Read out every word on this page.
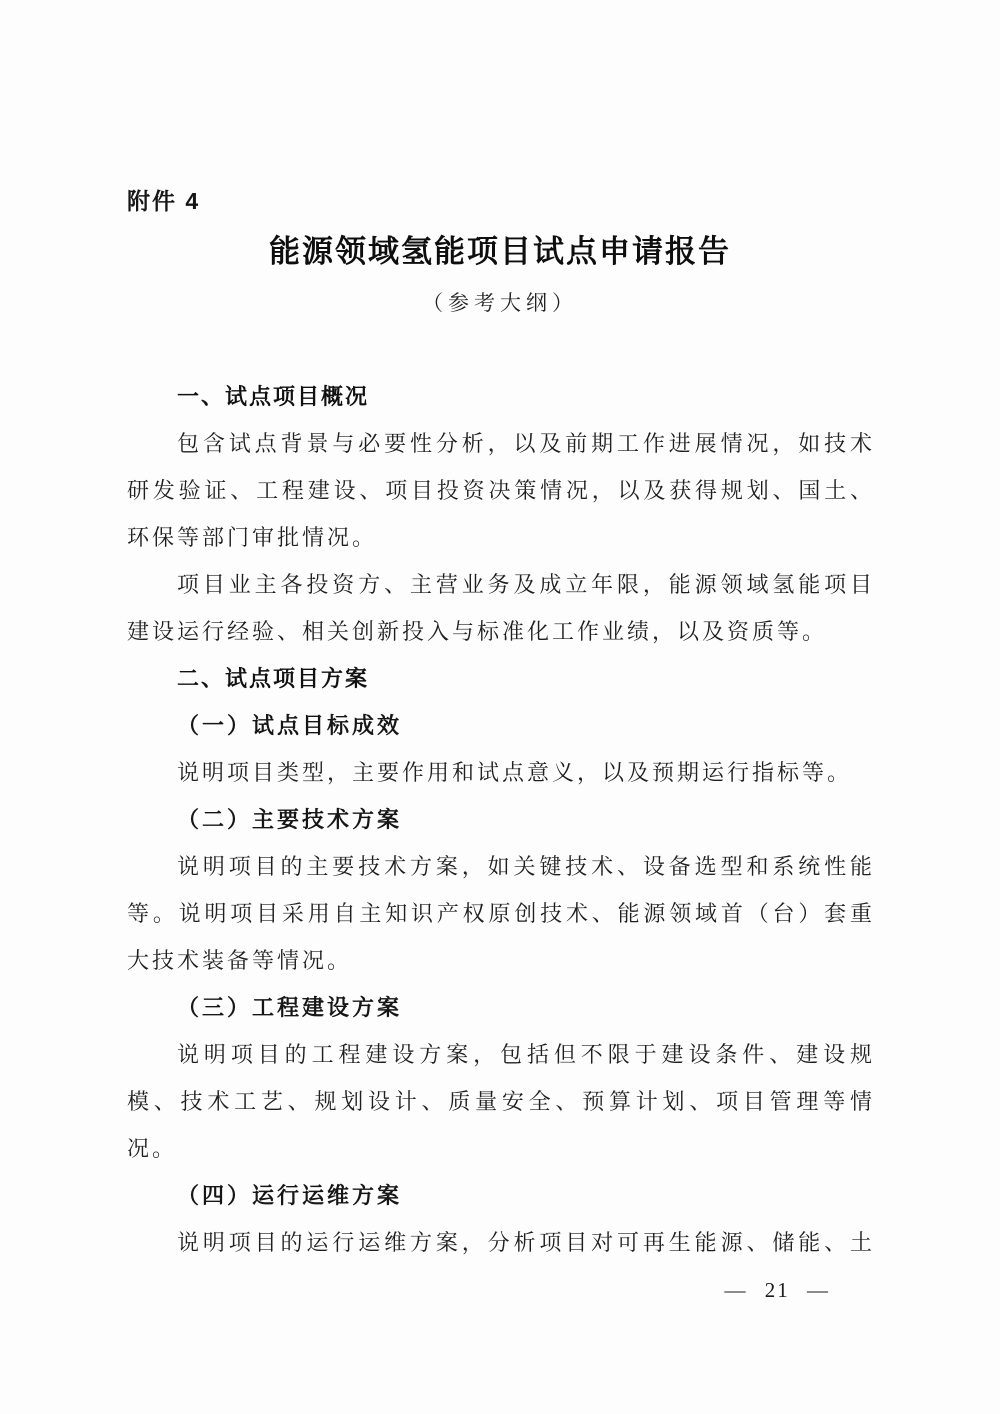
附件 4
能源领域氢能项目试点申请报告
（参考大纲）
一、试点项目概况
包含试点背景与必要性分析，以及前期工作进展情况，如技术研发验证、工程建设、项目投资决策情况，以及获得规划、国土、环保等部门审批情况。
项目业主各投资方、主营业务及成立年限，能源领域氢能项目建设运行经验、相关创新投入与标准化工作业绩，以及资质等。
二、试点项目方案
（一）试点目标成效
说明项目类型，主要作用和试点意义，以及预期运行指标等。
（二）主要技术方案
说明项目的主要技术方案，如关键技术、设备选型和系统性能等。说明项目采用自主知识产权原创技术、能源领域首（台）套重大技术装备等情况。
（三）工程建设方案
说明项目的工程建设方案，包括但不限于建设条件、建设规模、技术工艺、规划设计、质量安全、预算计划、项目管理等情况。
（四）运行运维方案
说明项目的运行运维方案，分析项目对可再生能源、储能、土
— 21 —
